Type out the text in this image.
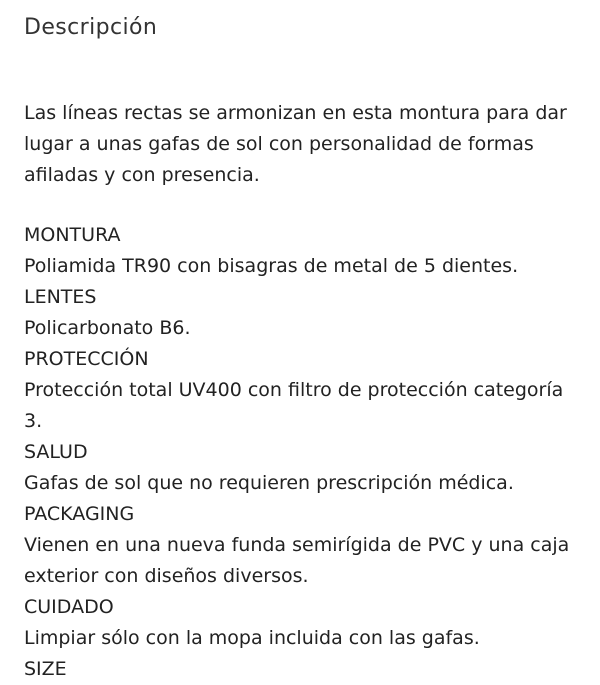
Descripción

Las líneas rectas se armonizan en esta montura para dar lugar a unas gafas de sol con personalidad de formas afiladas y con presencia.

MONTURA
Poliamida TR90 con bisagras de metal de 5 dientes.
LENTES
Policarbonato B6.
PROTECCIÓN
Protección total UV400 con filtro de protección categoría 3.
SALUD
Gafas de sol que no requieren prescripción médica.
PACKAGING
Vienen en una nueva funda semirígida de PVC y una caja exterior con diseños diversos.
CUIDADO
Limpiar sólo con la mopa incluida con las gafas.
SIZE
